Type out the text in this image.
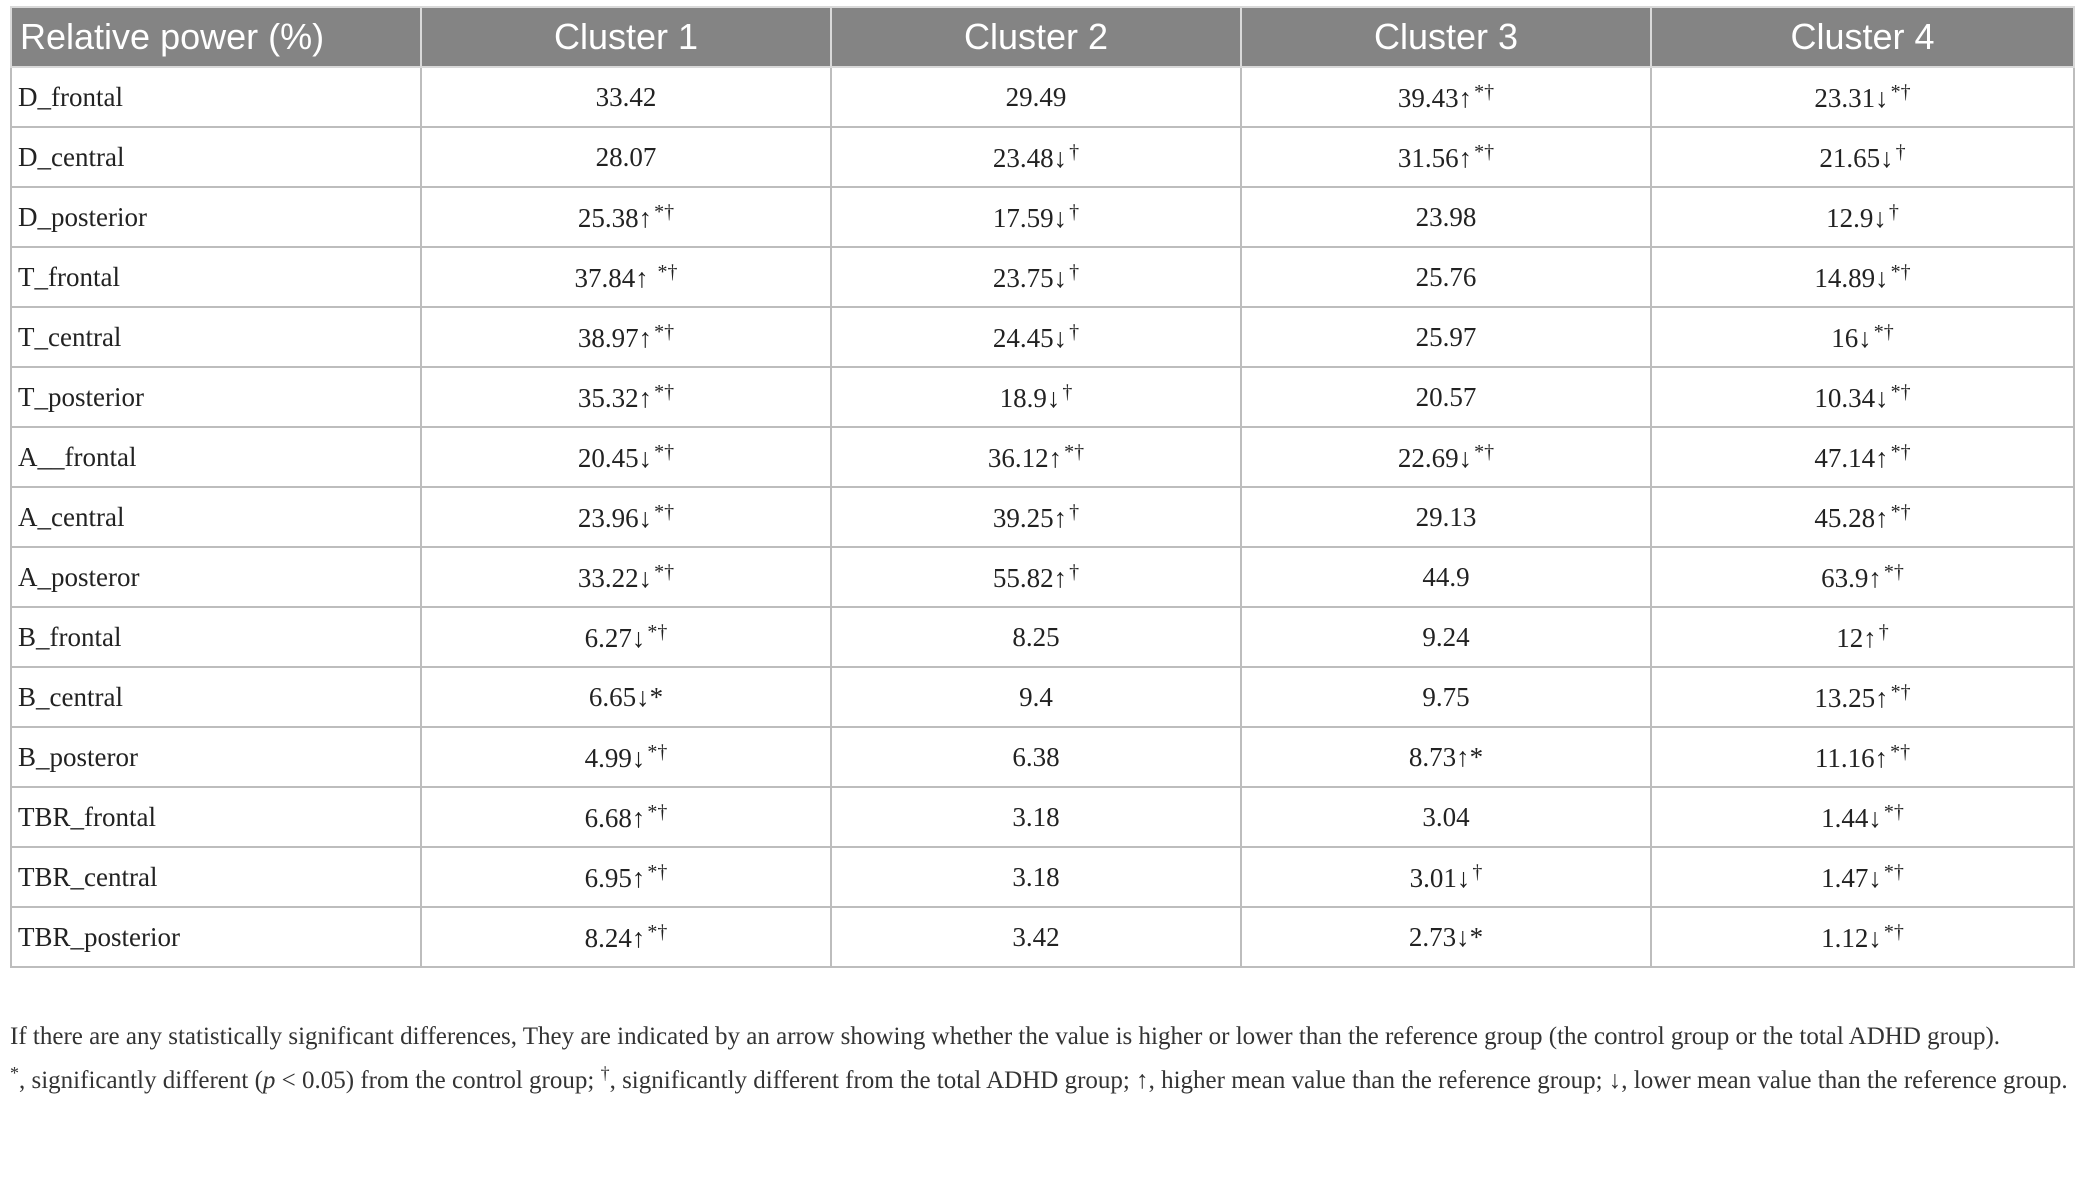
Relative power (%)	Cluster 1	Cluster 2	Cluster 3	Cluster 4
D_frontal	33.42	29.49	39.43↑ *†	23.31↓ *†
D_central	28.07	23.48↓ †	31.56↑ *†	21.65↓ †
D_posterior	25.38↑ *†	17.59↓ †	23.98	12.9↓ †
T_frontal	37.84↑ *†	23.75↓ †	25.76	14.89↓ *†
T_central	38.97↑ *†	24.45↓ †	25.97	16↓ *†
T_posterior	35.32↑ *†	18.9↓ †	20.57	10.34↓ *†
A__frontal	20.45↓ *†	36.12↑ *†	22.69↓ *†	47.14↑ *†
A_central	23.96↓ *†	39.25↑ †	29.13	45.28↑ *†
A_posteror	33.22↓ *†	55.82↑ †	44.9	63.9↑ *†
B_frontal	6.27↓ *†	8.25	9.24	12↑ †
B_central	6.65↓*	9.4	9.75	13.25↑ *†
B_posteror	4.99↓ *†	6.38	8.73↑*	11.16↑ *†
TBR_frontal	6.68↑ *†	3.18	3.04	1.44↓ *†
TBR_central	6.95↑ *†	3.18	3.01↓ †	1.47↓ *†
TBR_posterior	8.24↑ *†	3.42	2.73↓*	1.12↓ *†

If there are any statistically significant differences, They are indicated by an arrow showing whether the value is higher or lower than the reference group (the control group or the total ADHD group).

*, significantly different (p < 0.05) from the control group; †, significantly different from the total ADHD group; ↑, higher mean value than the reference group; ↓, lower mean value than the reference group.
